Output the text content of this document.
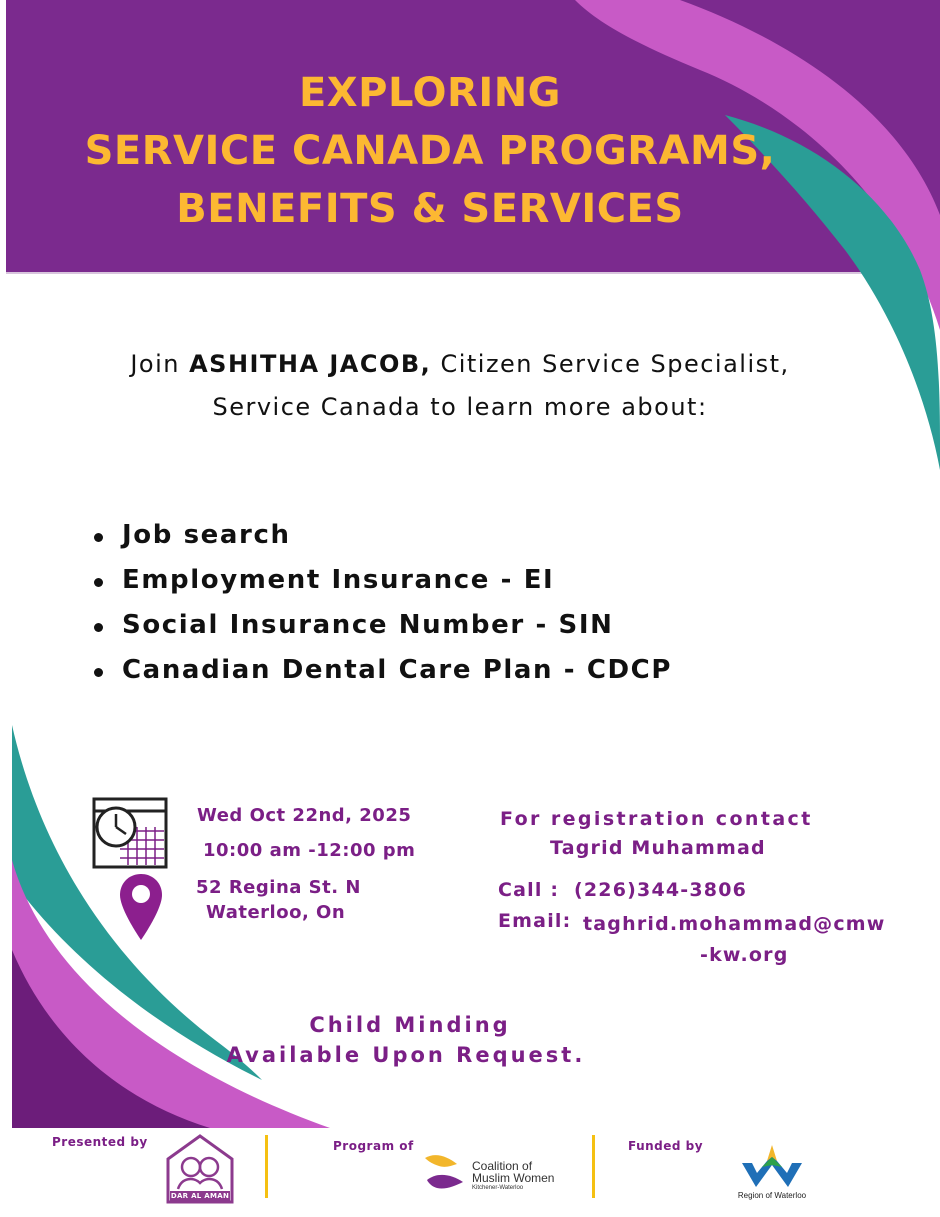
EXPLORING
SERVICE CANADA PROGRAMS,
BENEFITS & SERVICES
Join ASHITHA JACOB, Citizen Service Specialist,
Service Canada to learn more about:
Job search
Employment Insurance - EI
Social Insurance Number - SIN
Canadian Dental Care Plan - CDCP
Wed Oct 22nd, 2025
10:00 am -12:00 pm
52 Regina St. N
Waterloo, On
For registration contact
Tagrid Muhammad
Call : (226)344-3806
Email: taghrid.mohammad@cmw
-kw.org
Child Minding
Available Upon Request.
Presented by
DAR AL AMAN
Program of
Coalition of
Muslim Women
Kitchener-Waterloo
Funded by
Region of Waterloo
